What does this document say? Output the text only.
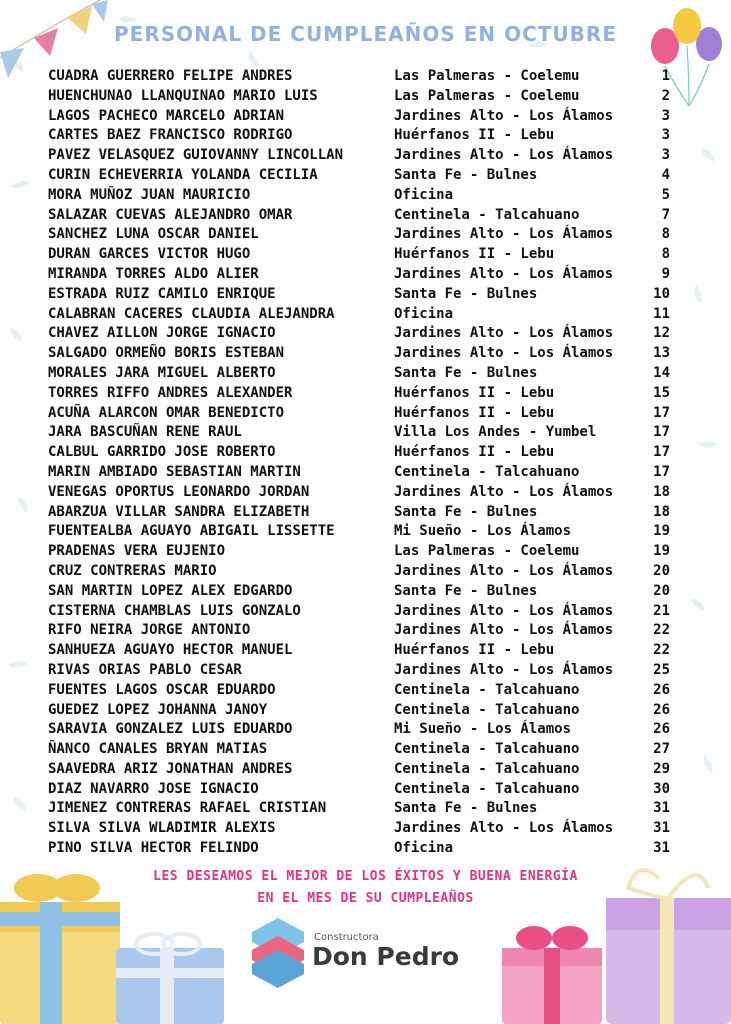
PERSONAL DE CUMPLEAÑOS EN OCTUBRE
CUADRA GUERRERO FELIPE ANDRES	Las Palmeras - Coelemu	1
HUENCHUNAO LLANQUINAO MARIO LUIS	Las Palmeras - Coelemu	2
LAGOS PACHECO MARCELO ADRIAN	Jardines Alto - Los Álamos	3
CARTES BAEZ FRANCISCO RODRIGO	Huérfanos II - Lebu	3
PAVEZ VELASQUEZ GUIOVANNY LINCOLLAN	Jardines Alto - Los Álamos	3
CURIN ECHEVERRIA YOLANDA CECILIA	Santa Fe - Bulnes	4
MORA MUÑOZ JUAN MAURICIO	Oficina	5
SALAZAR CUEVAS ALEJANDRO OMAR	Centinela - Talcahuano	7
SANCHEZ LUNA OSCAR DANIEL	Jardines Alto - Los Álamos	8
DURAN GARCES VICTOR HUGO	Huérfanos II - Lebu	8
MIRANDA TORRES ALDO ALIER	Jardines Alto - Los Álamos	9
ESTRADA RUIZ CAMILO ENRIQUE	Santa Fe - Bulnes	10
CALABRAN CACERES CLAUDIA ALEJANDRA	Oficina	11
CHAVEZ AILLON JORGE IGNACIO	Jardines Alto - Los Álamos	12
SALGADO ORMEÑO BORIS ESTEBAN	Jardines Alto - Los Álamos	13
MORALES JARA MIGUEL ALBERTO	Santa Fe - Bulnes	14
TORRES RIFFO ANDRES ALEXANDER	Huérfanos II - Lebu	15
ACUÑA ALARCON OMAR BENEDICTO	Huérfanos II - Lebu	17
JARA BASCUÑAN RENE RAUL	Villa Los Andes - Yumbel	17
CALBUL GARRIDO JOSE ROBERTO	Huérfanos II - Lebu	17
MARIN AMBIADO SEBASTIAN MARTIN	Centinela - Talcahuano	17
VENEGAS OPORTUS LEONARDO JORDAN	Jardines Alto - Los Álamos	18
ABARZUA VILLAR SANDRA ELIZABETH	Santa Fe - Bulnes	18
FUENTEALBA AGUAYO ABIGAIL LISSETTE	Mi Sueño - Los Álamos	19
PRADENAS VERA EUJENIO	Las Palmeras - Coelemu	19
CRUZ CONTRERAS MARIO	Jardines Alto - Los Álamos	20
SAN MARTIN LOPEZ ALEX EDGARDO	Santa Fe - Bulnes	20
CISTERNA CHAMBLAS LUIS GONZALO	Jardines Alto - Los Álamos	21
RIFO NEIRA JORGE ANTONIO	Jardines Alto - Los Álamos	22
SANHUEZA AGUAYO HECTOR MANUEL	Huérfanos II - Lebu	22
RIVAS ORIAS PABLO CESAR	Jardines Alto - Los Álamos	25
FUENTES LAGOS OSCAR EDUARDO	Centinela - Talcahuano	26
GUEDEZ LOPEZ JOHANNA JANOY	Centinela - Talcahuano	26
SARAVIA GONZALEZ LUIS EDUARDO	Mi Sueño - Los Álamos	26
ÑANCO CANALES BRYAN MATIAS	Centinela - Talcahuano	27
SAAVEDRA ARIZ JONATHAN ANDRES	Centinela - Talcahuano	29
DIAZ NAVARRO JOSE IGNACIO	Centinela - Talcahuano	30
JIMENEZ CONTRERAS RAFAEL CRISTIAN	Santa Fe - Bulnes	31
SILVA SILVA WLADIMIR ALEXIS	Jardines Alto - Los Álamos	31
PINO SILVA HECTOR FELINDO	Oficina	31
LES DESEAMOS EL MEJOR DE LOS ÉXITOS Y BUENA ENERGÍA
EN EL MES DE SU CUMPLEAÑOS
Constructora
Don Pedro
